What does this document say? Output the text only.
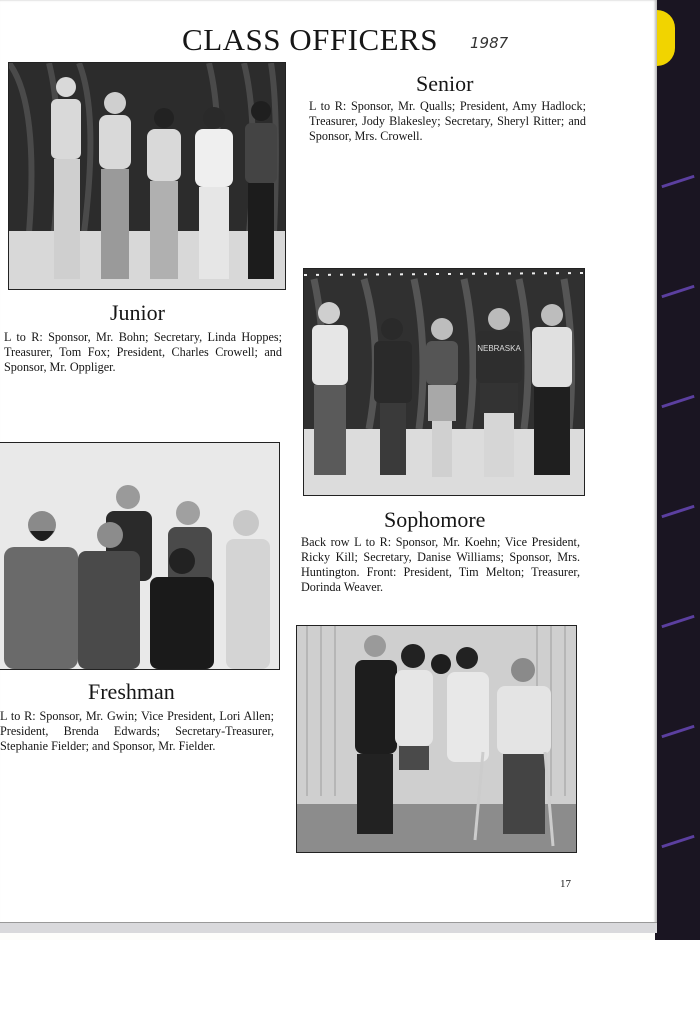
CLASS OFFICERS	1987
Senior
L to R: Sponsor, Mr. Qualls; President, Amy Hadlock; Treasurer, Jody Blakesley; Secretary, Sheryl Ritter; and Sponsor, Mrs. Crowell.
Junior
L to R: Sponsor, Mr. Bohn; Secretary, Linda Hoppes; Treasurer, Tom Fox; President, Charles Crowell; and Sponsor, Mr. Oppliger.
NEBRASKA
Sophomore
Back row L to R: Sponsor, Mr. Koehn; Vice President, Ricky Kill; Secretary, Danise Williams; Sponsor, Mrs. Huntington. Front: President, Tim Melton; Treasurer, Dorinda Weaver.
Freshman
L to R: Sponsor, Mr. Gwin; Vice President, Lori Allen; President, Brenda Edwards; Secretary-Treasurer, Stephanie Fielder; and Sponsor, Mr. Fielder.
17
